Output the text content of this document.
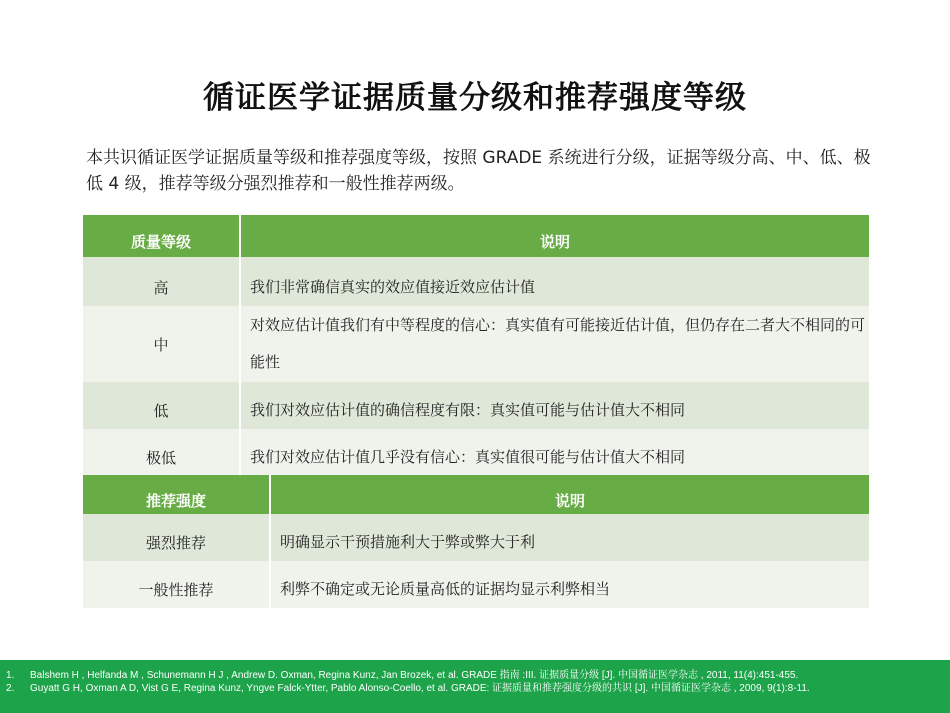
循证医学证据质量分级和推荐强度等级
本共识循证医学证据质量等级和推荐强度等级，按照 GRADE 系统进行分级，证据等级分高、中、低、极低 4 级，推荐等级分强烈推荐和一般性推荐两级。
质量等级	说明
高	我们非常确信真实的效应值接近效应估计值
中	对效应估计值我们有中等程度的信心：真实值有可能接近估计值，但仍存在二者大不相同的可能性
低	我们对效应估计值的确信程度有限：真实值可能与估计值大不相同
极低	我们对效应估计值几乎没有信心：真实值很可能与估计值大不相同
推荐强度	说明
强烈推荐	明确显示干预措施利大于弊或弊大于利
一般性推荐	利弊不确定或无论质量高低的证据均显示利弊相当
1. Balshem H , Helfanda M , Schunemann H J , Andrew D. Oxman, Regina Kunz, Jan Brozek, et al. GRADE 指南 :III. 证据质量分级 [J]. 中国循证医学杂志 , 2011, 11(4):451-455.
2. Guyatt G H, Oxman A D, Vist G E, Regina Kunz, Yngve Falck-Ytter, Pablo Alonso-Coello, et al. GRADE: 证据质量和推荐强度分级的共识 [J]. 中国循证医学杂志 , 2009, 9(1):8-11.
